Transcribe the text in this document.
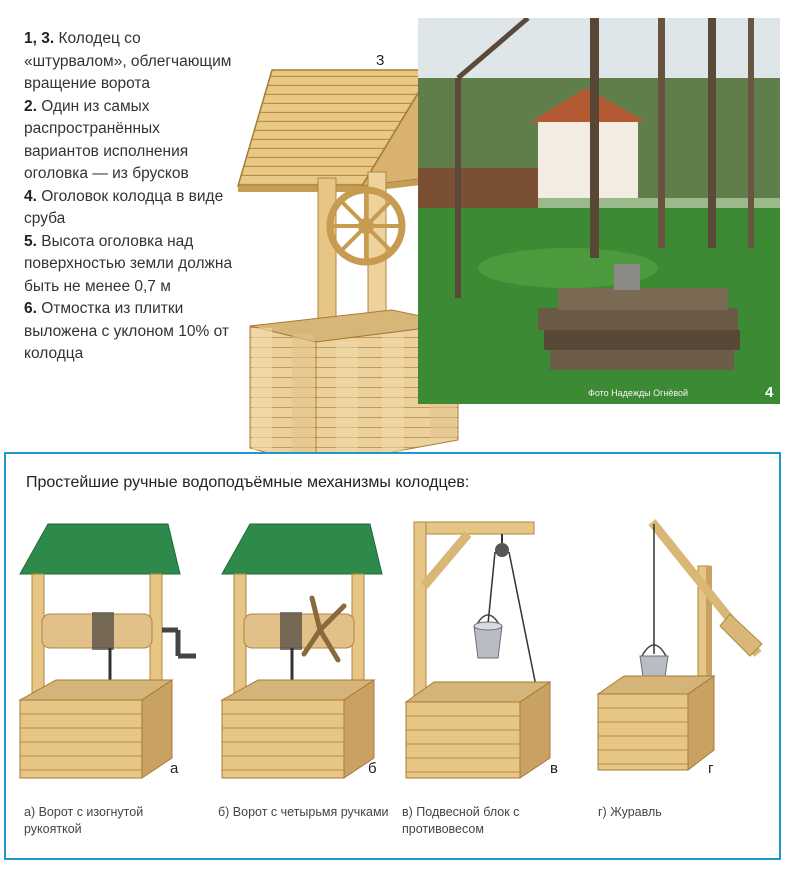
1, 3. Колодец со «штурвалом», облегчающим вращение ворота

2. Один из самых распространённых вариантов исполнения оголовка — из брусков

4. Оголовок колодца в виде сруба

5. Высота оголовка над поверхностью земли должна быть не менее 0,7 м

6. Отмостка из плитки выложена с уклоном 10% от колодца

3
Фото Надежды Огнёвой	4
Простейшие ручные водоподъёмные механизмы колодцев:
а
а) Ворот с изогнутой рукояткой
б
б) Ворот с четырьмя ручками
в
в) Подвесной блок с противовесом
г
г) Журавль
